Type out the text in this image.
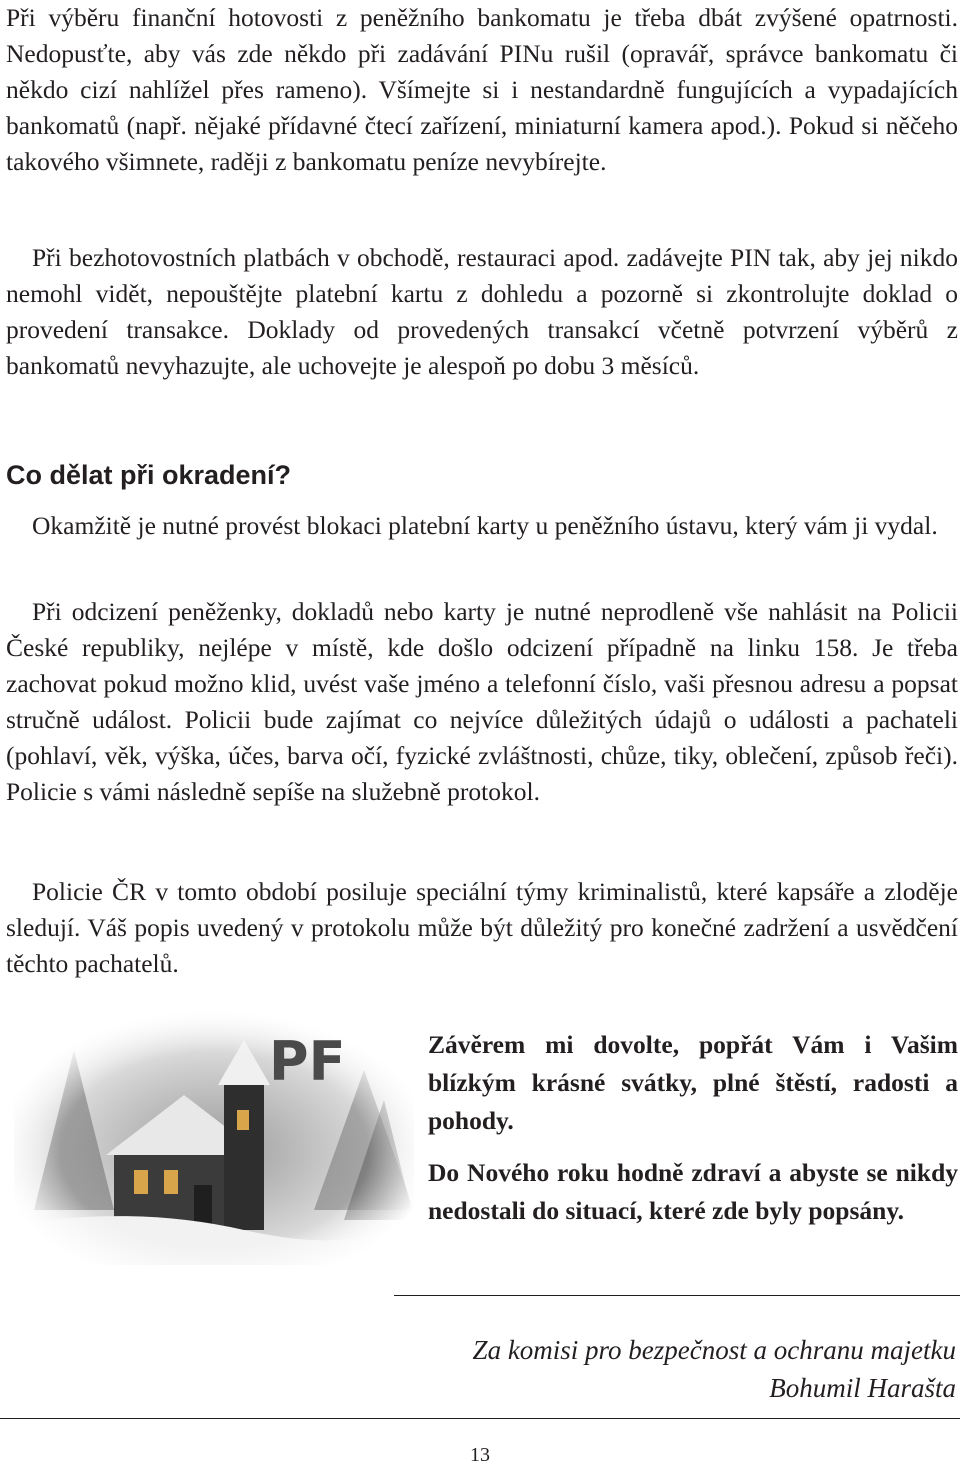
Při výběru finanční hotovosti z peněžního bankomatu je třeba dbát zvýšené opatrnosti. Nedopusťte, aby vás zde někdo při zadávání PINu rušil (opravář, správce bankomatu či někdo cizí nahlížel přes rameno). Všímejte si i nestandardně fungujících a vypadajících bankomatů (např. nějaké přídavné čtecí zařízení, miniaturní kamera apod.). Pokud si něčeho takového všimnete, raději z bankomatu peníze nevybírejte.

Při bezhotovostních platbách v obchodě, restauraci apod. zadávejte PIN tak, aby jej nikdo nemohl vidět, nepouštějte platební kartu z dohledu a pozorně si zkontrolujte doklad o provedení transakce. Doklady od provedených transakcí včetně potvrzení výběrů z bankomatů nevyhazujte, ale uchovejte je alespoň po dobu 3 měsíců.

Co dělat při okradení?

Okamžitě je nutné provést blokaci platební karty u peněžního ústavu, který vám ji vydal.

Při odcizení peněženky, dokladů nebo karty je nutné neprodleně vše nahlásit na Policii České republiky, nejlépe v místě, kde došlo odcizení případně na linku 158. Je třeba zachovat pokud možno klid, uvést vaše jméno a telefonní číslo, vaši přesnou adresu a popsat stručně událost. Policii bude zajímat co nejvíce důležitých údajů o události a pachateli (pohlaví, věk, výška, účes, barva očí, fyzické zvláštnosti, chůze, tiky, oblečení, způsob řeči). Policie s vámi následně sepíše na služebně protokol.

Policie ČR v tomto období posiluje speciální týmy kriminalistů, které kapsáře a zloděje sledují. Váš popis uvedený v protokolu může být důležitý pro konečné zadržení a usvědčení těchto pachatelů.

PF	Závěrem mi dovolte, popřát Vám i Vašim blízkým krásné svátky, plné štěstí, radosti a pohody.

Do Nového roku hodně zdraví a abyste se nikdy nedostali do situací, které zde byly popsány.

Za komisi pro bezpečnost a ochranu majetku

Bohumil Harašta

13
